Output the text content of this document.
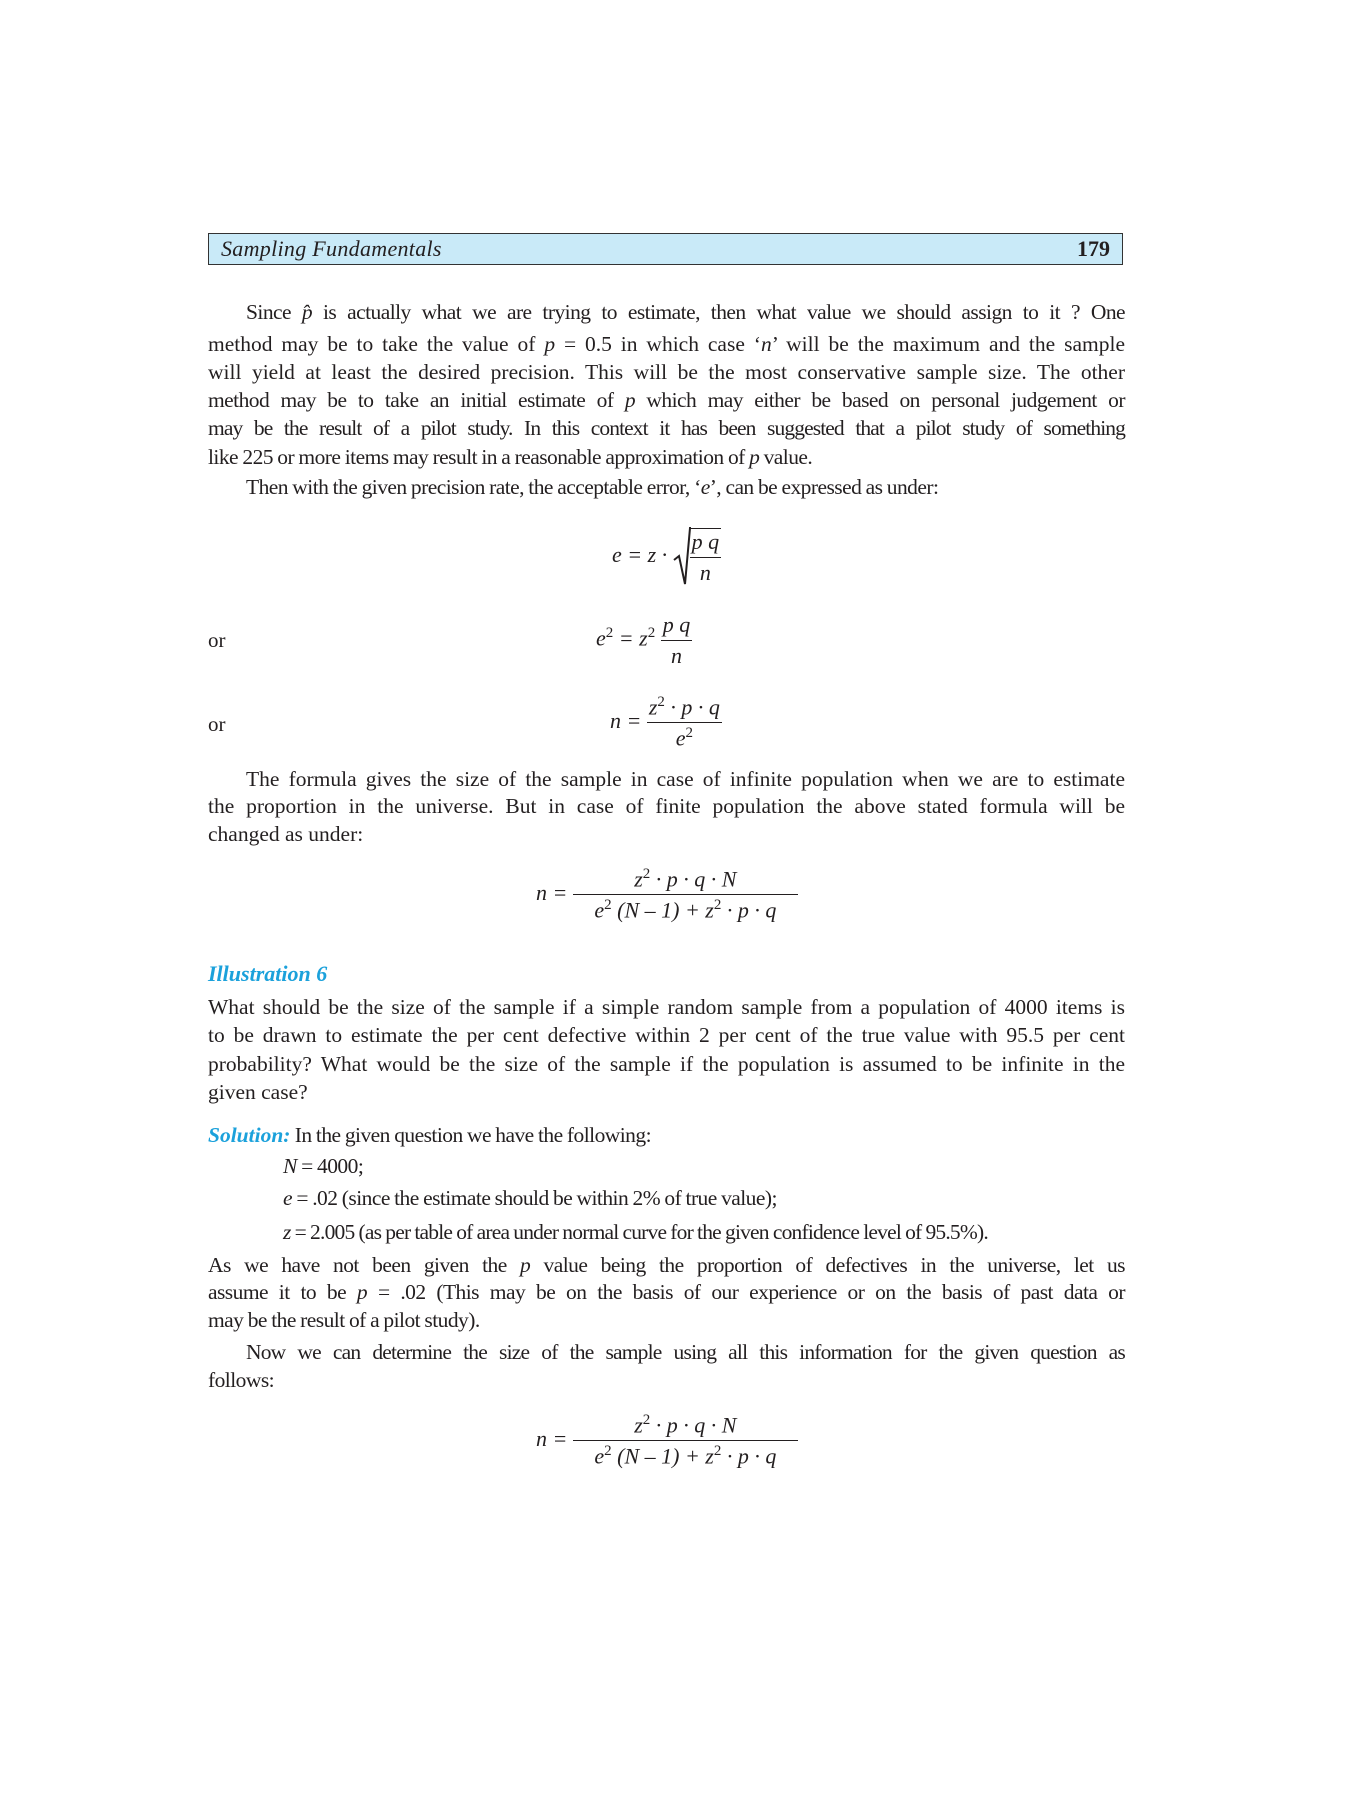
Sampling Fundamentals	179
Since p̂ is actually what we are trying to estimate, then what value we should assign to it ? One
method may be to take the value of p = 0.5 in which case ‘n’ will be the maximum and the sample
will yield at least the desired precision. This will be the most conservative sample size. The other
method may be to take an initial estimate of p which may either be based on personal judgement or
may be the result of a pilot study. In this context it has been suggested that a pilot study of something
like 225 or more items may result in a reasonable approximation of p value.
Then with the given precision rate, the acceptable error, ‘e’, can be expressed as under:
$e = z \cdot \frac{\text{p q}}{n}$
or	$e^2 = z^2 \frac{\text{p q}}{n}$
or	$n = \frac{z^2 \cdot p \cdot q}{e^2}$
The formula gives the size of the sample in case of infinite population when we are to estimate
the proportion in the universe. But in case of finite population the above stated formula will be
changed as under:
$n = \frac{z^2 \cdot p \cdot q \cdot N}{e^2 (N - 1) + z^2 \cdot p \cdot q}$
Illustration 6
What should be the size of the sample if a simple random sample from a population of 4000 items is
to be drawn to estimate the per cent defective within 2 per cent of the true value with 95.5 per cent
probability? What would be the size of the sample if the population is assumed to be infinite in the
given case?
Solution: In the given question we have the following:
N = 4000;
e = .02 (since the estimate should be within 2% of true value);
z = 2.005 (as per table of area under normal curve for the given confidence level of 95.5%).
As we have not been given the p value being the proportion of defectives in the universe, let us
assume it to be p = .02 (This may be on the basis of our experience or on the basis of past data or
may be the result of a pilot study).
Now we can determine the size of the sample using all this information for the given question as
follows:
$n = \frac{z^2 \cdot p \cdot q \cdot N}{e^2 (N - 1) + z^2 \cdot p \cdot q}$
